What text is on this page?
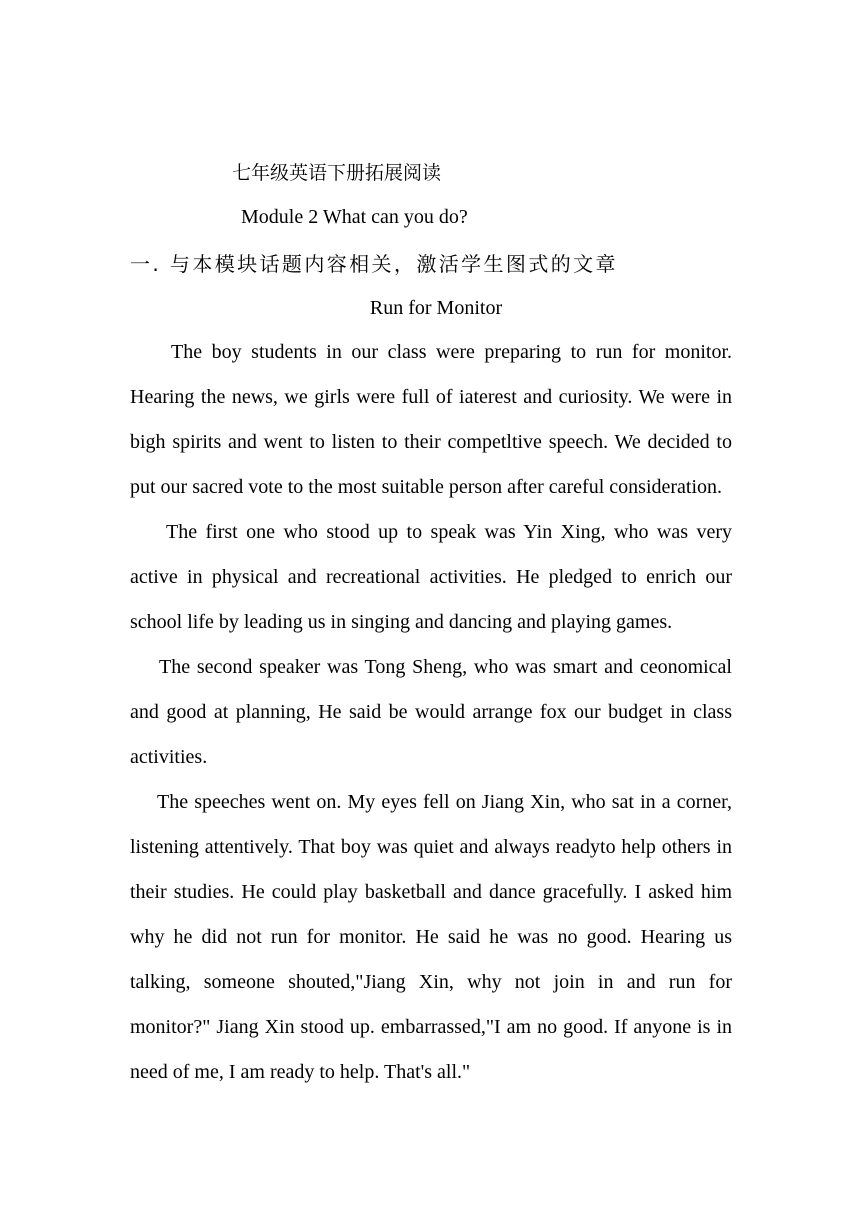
七年级英语下册拓展阅读
Module 2 What can you do?
一. 与本模块话题内容相关，激活学生图式的文章
Run for Monitor

The boy students in our class were preparing to run for monitor. Hearing the news, we girls were full of iaterest and curiosity. We were in bigh spirits and went to listen to their competltive speech. We decided to put our sacred vote to the most suitable person after careful consideration.

The first one who stood up to speak was Yin Xing, who was very active in physical and recreational activities. He pledged to enrich our school life by leading us in singing and dancing and playing games.

The second speaker was Tong Sheng, who was smart and ceonomical and good at planning, He said be would arrange fox our budget in class activities.

The speeches went on. My eyes fell on Jiang Xin, who sat in a corner, listening attentively. That boy was quiet and always readyto help others in their studies. He could play basketball and dance gracefully. I asked him why he did not run for monitor. He said he was no good. Hearing us talking, someone shouted,"Jiang Xin, why not join in and run for monitor?" Jiang Xin stood up. embarrassed,"I am no good. If anyone is in need of me, I am ready to help. That's all."
